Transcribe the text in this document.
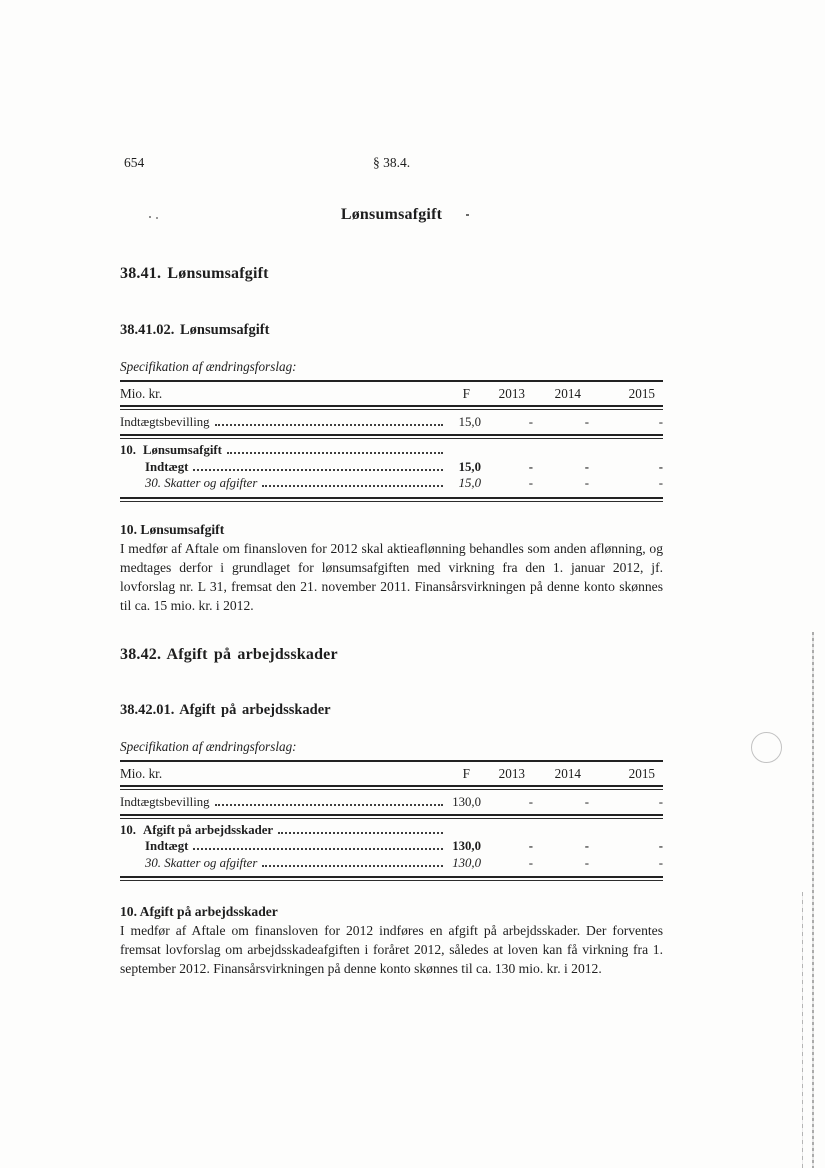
654	§ 38.4.
Lønsumsafgift
38.41. Lønsumsafgift
38.41.02. Lønsumsafgift
Specifikation af ændringsforslag:
Mio. kr.	F	2013	2014	2015
Indtægtsbevilling	15,0	-	-	-
10. Lønsumsafgift
Indtægt	15,0	-	-	-
30. Skatter og afgifter	15,0	-	-	-
10. Lønsumsafgift
I medfør af Aftale om finansloven for 2012 skal aktieaflønning behandles som anden aflønning, og medtages derfor i grundlaget for lønsumsafgiften med virkning fra den 1. januar 2012, jf. lovforslag nr. L 31, fremsat den 21. november 2011. Finansårsvirkningen på denne konto skønnes til ca. 15 mio. kr. i 2012.
38.42. Afgift på arbejdsskader
38.42.01. Afgift på arbejdsskader
Specifikation af ændringsforslag:
Mio. kr.	F	2013	2014	2015
Indtægtsbevilling	130,0	-	-	-
10. Afgift på arbejdsskader
Indtægt	130,0	-	-	-
30. Skatter og afgifter	130,0	-	-	-
10. Afgift på arbejdsskader
I medfør af Aftale om finansloven for 2012 indføres en afgift på arbejdsskader. Der forventes fremsat lovforslag om arbejdsskadeafgiften i foråret 2012, således at loven kan få virkning fra 1. september 2012. Finansårsvirkningen på denne konto skønnes til ca. 130 mio. kr. i 2012.
